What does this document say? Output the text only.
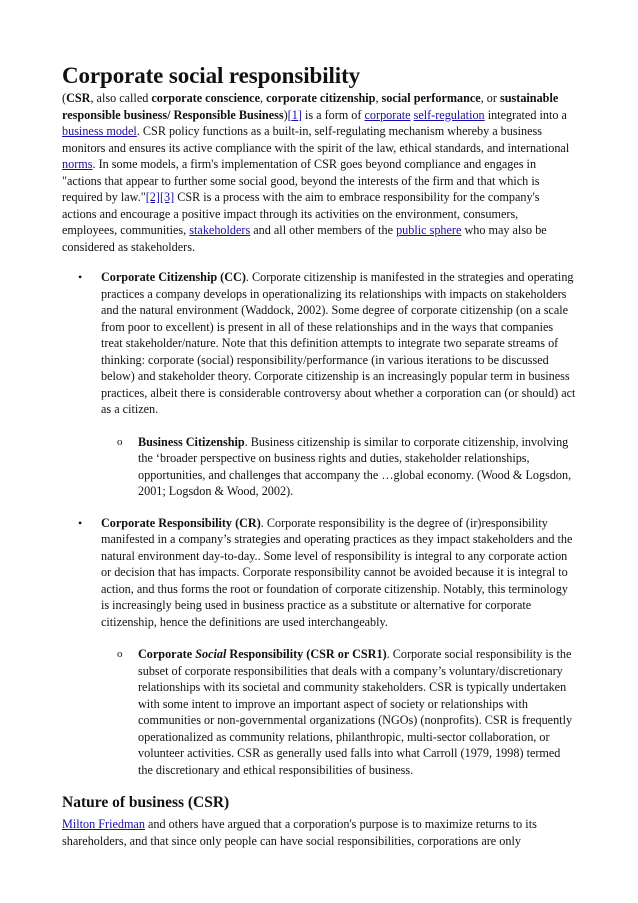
Corporate social responsibility

(CSR, also called corporate conscience, corporate citizenship, social performance, or sustainable responsible business/ Responsible Business)[1] is a form of corporate self-regulation integrated into a business model. CSR policy functions as a built-in, self-regulating mechanism whereby a business monitors and ensures its active compliance with the spirit of the law, ethical standards, and international norms. In some models, a firm's implementation of CSR goes beyond compliance and engages in "actions that appear to further some social good, beyond the interests of the firm and that which is required by law."[2][3] CSR is a process with the aim to embrace responsibility for the company's actions and encourage a positive impact through its activities on the environment, consumers, employees, communities, stakeholders and all other members of the public sphere who may also be considered as stakeholders.

• Corporate Citizenship (CC). Corporate citizenship is manifested in the strategies and operating practices a company develops in operationalizing its relationships with impacts on stakeholders and the natural environment (Waddock, 2002). Some degree of corporate citizenship (on a scale from poor to excellent) is present in all of these relationships and in the ways that companies treat stakeholder/nature. Note that this definition attempts to integrate two separate streams of thinking: corporate (social) responsibility/performance (in various iterations to be discussed below) and stakeholder theory. Corporate citizenship is an increasingly popular term in business practices, albeit there is considerable controversy about whether a corporation can (or should) act as a citizen.
o Business Citizenship. Business citizenship is similar to corporate citizenship, involving the ‘broader perspective on business rights and duties, stakeholder relationships, opportunities, and challenges that accompany the …global economy. (Wood & Logsdon, 2001; Logsdon & Wood, 2002).
• Corporate Responsibility (CR). Corporate responsibility is the degree of (ir)responsibility manifested in a company’s strategies and operating practices as they impact stakeholders and the natural environment day-to-day.. Some level of responsibility is integral to any corporate action or decision that has impacts. Corporate responsibility cannot be avoided because it is integral to action, and thus forms the root or foundation of corporate citizenship. Notably, this terminology is increasingly being used in business practice as a substitute or alternative for corporate citizenship, hence the definitions are used interchangeably.
o Corporate Social Responsibility (CSR or CSR1). Corporate social responsibility is the subset of corporate responsibilities that deals with a company’s voluntary/discretionary relationships with its societal and community stakeholders. CSR is typically undertaken with some intent to improve an important aspect of society or relationships with communities or non-governmental organizations (NGOs) (nonprofits). CSR is frequently operationalized as community relations, philanthropic, multi-sector collaboration, or volunteer activities. CSR as generally used falls into what Carroll (1979, 1998) termed the discretionary and ethical responsibilities of business.
Nature of business (CSR)

Milton Friedman and others have argued that a corporation's purpose is to maximize returns to its shareholders, and that since only people can have social responsibilities, corporations are only
